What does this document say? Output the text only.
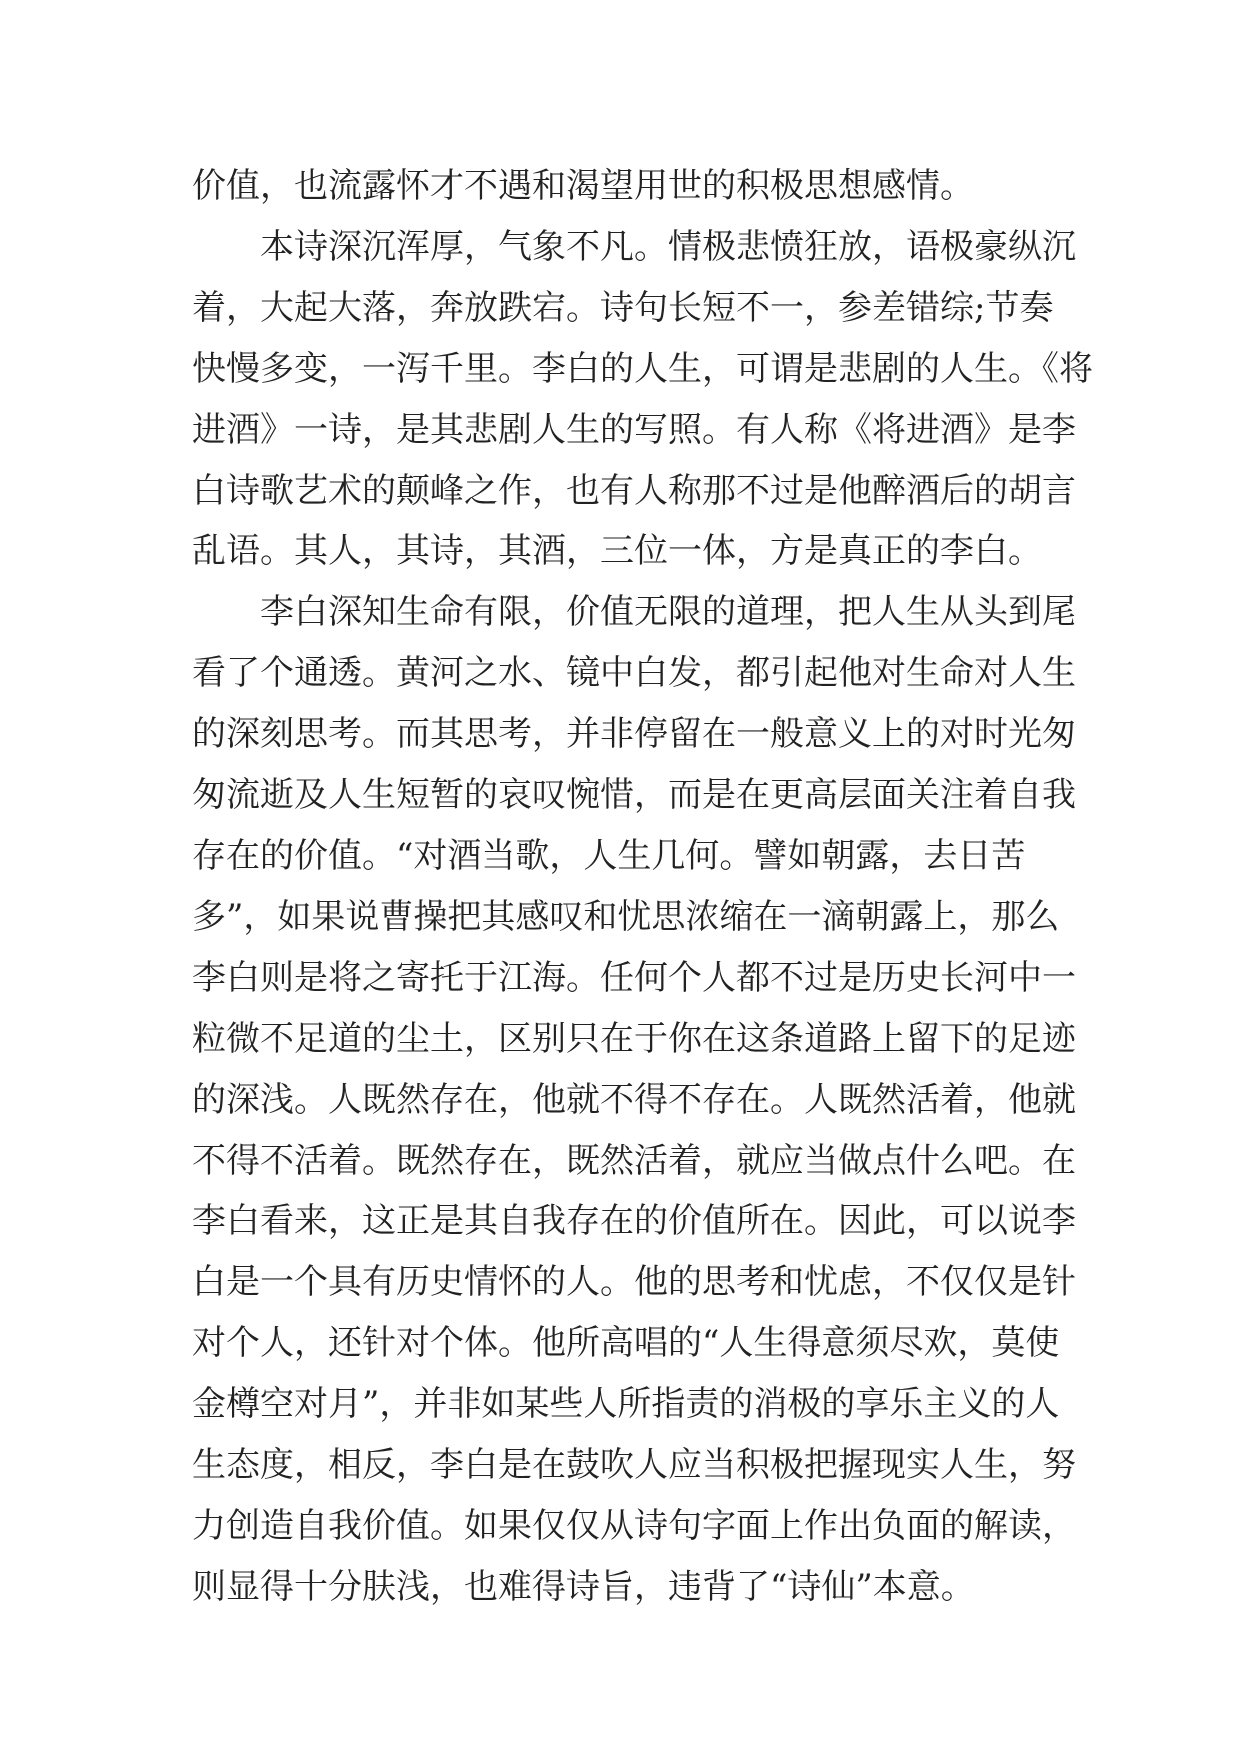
价值，也流露怀才不遇和渴望用世的积极思想感情。

本诗深沉浑厚，气象不凡。情极悲愤狂放，语极豪纵沉
着，大起大落，奔放跌宕。诗句长短不一，参差错综;节奏
快慢多变，一泻千里。李白的人生，可谓是悲剧的人生。《将
进酒》一诗，是其悲剧人生的写照。有人称《将进酒》是李
白诗歌艺术的颠峰之作，也有人称那不过是他醉酒后的胡言
乱语。其人，其诗，其酒，三位一体，方是真正的李白。

李白深知生命有限，价值无限的道理，把人生从头到尾
看了个通透。黄河之水、镜中白发，都引起他对生命对人生
的深刻思考。而其思考，并非停留在一般意义上的对时光匆
匆流逝及人生短暂的哀叹惋惜，而是在更高层面关注着自我
存在的价值。“对酒当歌，人生几何。譬如朝露，去日苦
多”，如果说曹操把其感叹和忧思浓缩在一滴朝露上，那么
李白则是将之寄托于江海。任何个人都不过是历史长河中一
粒微不足道的尘土，区别只在于你在这条道路上留下的足迹
的深浅。人既然存在，他就不得不存在。人既然活着，他就
不得不活着。既然存在，既然活着，就应当做点什么吧。在
李白看来，这正是其自我存在的价值所在。因此，可以说李
白是一个具有历史情怀的人。他的思考和忧虑，不仅仅是针
对个人，还针对个体。他所高唱的“人生得意须尽欢，莫使
金樽空对月”，并非如某些人所指责的消极的享乐主义的人
生态度，相反，李白是在鼓吹人应当积极把握现实人生，努
力创造自我价值。如果仅仅从诗句字面上作出负面的解读，
则显得十分肤浅，也难得诗旨，违背了“诗仙”本意。
